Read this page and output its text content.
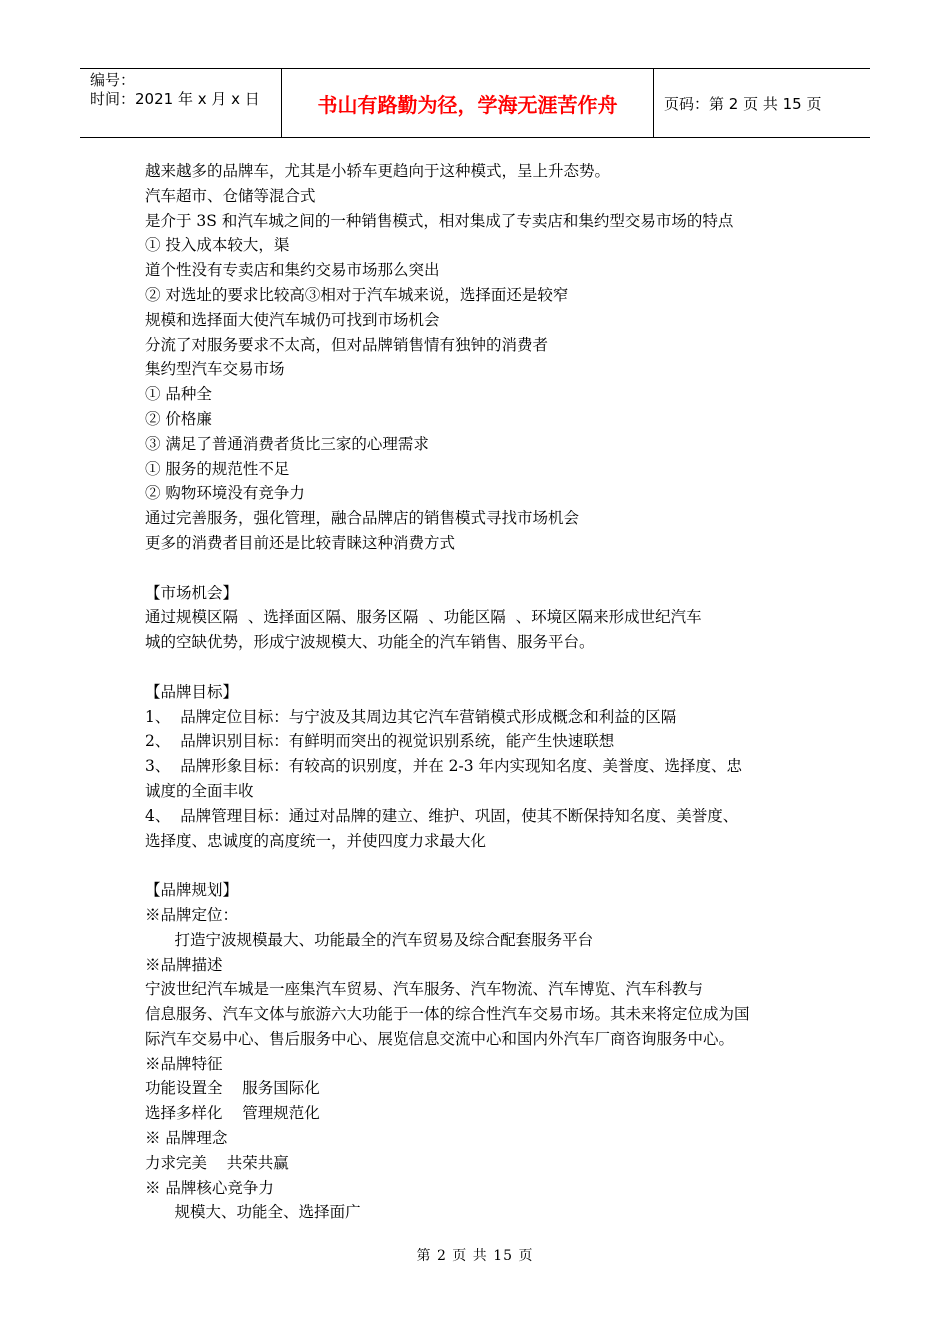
编号：
时间：2021 年 x 月 x 日	书山有路勤为径，学海无涯苦作舟	页码：第 2 页 共 15 页
越来越多的品牌车，尤其是小轿车更趋向于这种模式，呈上升态势。
汽车超市、仓储等混合式
是介于 3S 和汽车城之间的一种销售模式，相对集成了专卖店和集约型交易市场的特点
① 投入成本较大，渠
道个性没有专卖店和集约交易市场那么突出
② 对选址的要求比较高③相对于汽车城来说，选择面还是较窄
规模和选择面大使汽车城仍可找到市场机会
分流了对服务要求不太高，但对品牌销售情有独钟的消费者
集约型汽车交易市场
① 品种全
② 价格廉
③ 满足了普通消费者货比三家的心理需求
① 服务的规范性不足
② 购物环境没有竞争力
通过完善服务，强化管理，融合品牌店的销售模式寻找市场机会
更多的消费者目前还是比较青睐这种消费方式
【市场机会】
通过规模区隔  、选择面区隔、服务区隔  、功能区隔  、环境区隔来形成世纪汽车
城的空缺优势，形成宁波规模大、功能全的汽车销售、服务平台。
【品牌目标】
1、  品牌定位目标：与宁波及其周边其它汽车营销模式形成概念和利益的区隔
2、  品牌识别目标：有鲜明而突出的视觉识别系统，能产生快速联想
3、  品牌形象目标：有较高的识别度，并在 2-3 年内实现知名度、美誉度、选择度、忠
诚度的全面丰收
4、  品牌管理目标：通过对品牌的建立、维护、巩固，使其不断保持知名度、美誉度、
选择度、忠诚度的高度统一，并使四度力求最大化
【品牌规划】
※品牌定位：
打造宁波规模最大、功能最全的汽车贸易及综合配套服务平台
※品牌描述
宁波世纪汽车城是一座集汽车贸易、汽车服务、汽车物流、汽车博览、汽车科教与
信息服务、汽车文体与旅游六大功能于一体的综合性汽车交易市场。其未来将定位成为国
际汽车交易中心、售后服务中心、展览信息交流中心和国内外汽车厂商咨询服务中心。
※品牌特征
功能设置全    服务国际化
选择多样化    管理规范化
※ 品牌理念
力求完美    共荣共赢
※ 品牌核心竞争力
规模大、功能全、选择面广
第 2 页 共 15 页
